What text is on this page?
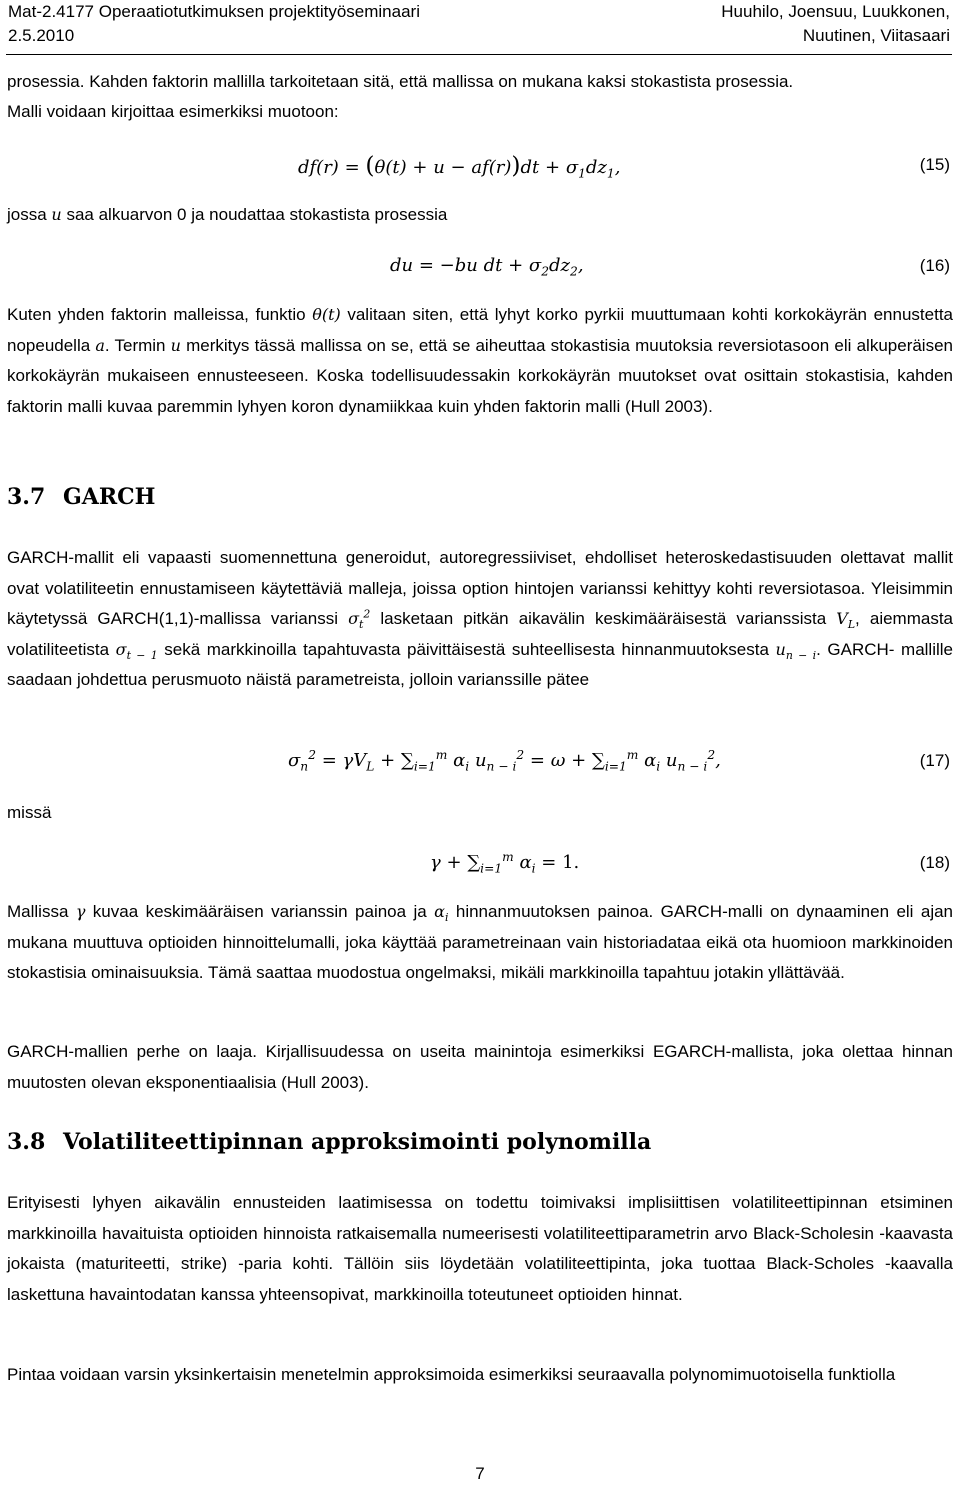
Mat-2.4177 Operaatiotutkimuksen projektityöseminaari
2.5.2010
Huuhilo, Joensuu, Luukkonen,
Nuutinen, Viitasaari
prosessia. Kahden faktorin mallilla tarkoitetaan sitä, että mallissa on mukana kaksi stokastista prosessia.
Malli voidaan kirjoittaa esimerkiksi muotoon:
$df(r) = (\theta(t) + u - af(r))dt + \sigma_1dz_1$,	(15)
jossa u saa alkuarvon 0 ja noudattaa stokastista prosessia
du = −bu dt + $\sigma_2dz_2$,	(16)
Kuten yhden faktorin malleissa, funktio θ(t) valitaan siten, että lyhyt korko pyrkii muuttumaan kohti korkokäyrän ennustetta nopeudella a. Termin u merkitys tässä mallissa on se, että se aiheuttaa stokastisia muutoksia reversiotasoon eli alkuperäisen korkokäyrän mukaiseen ennusteeseen. Koska todellisuudessakin korkokäyrän muutokset ovat osittain stokastisia, kahden faktorin malli kuvaa paremmin lyhyen koron dynamiikkaa kuin yhden faktorin malli (Hull 2003).
3.7 GARCH
GARCH-mallit eli vapaasti suomennettuna generoidut, autoregressiiviset, ehdolliset heteroskedastisuuden olettavat mallit ovat volatiliteetin ennustamiseen käytettäviä malleja, joissa option hintojen varianssi kehittyy kohti reversiotasoa. Yleisimmin käytetyssä GARCH(1,1)-mallissa varianssi $\sigma_t^2$ lasketaan pitkän aikavälin keskimääräisestä varianssista $V_L$, aiemmasta volatiliteetista $\sigma_{t - 1}$ sekä markkinoilla tapahtuvasta päivittäisestä suhteellisesta hinnanmuutoksesta $u_{n - i}$. GARCH- mallille saadaan johdettua perusmuoto näistä parametreista, jolloin varianssille pätee
$\sigma_n^2 = \gamma V_L + \sum_{i=1}^m$ $\alpha_i$ $u_{n - i}^2 = \omega + \sum_{i=1}^m$ $\alpha_i$ $u_{n - i}^2$,	(17)
missä
$\gamma + \sum_{i=1}^m$ $\alpha_i = 1$.	(18)
Mallissa γ kuvaa keskimääräisen varianssin painoa ja $\alpha_i$ hinnanmuutoksen painoa. GARCH-malli on dynaaminen eli ajan mukana muuttuva optioiden hinnoittelumalli, joka käyttää parametreinaan vain historiadataa eikä ota huomioon markkinoiden stokastisia ominaisuuksia. Tämä saattaa muodostua ongelmaksi, mikäli markkinoilla tapahtuu jotakin yllättävää.
GARCH-mallien perhe on laaja. Kirjallisuudessa on useita mainintoja esimerkiksi EGARCH-mallista, joka olettaa hinnan muutosten olevan eksponentiaalisia (Hull 2003).
3.8 Volatiliteettipinnan approksimointi polynomilla
Erityisesti lyhyen aikavälin ennusteiden laatimisessa on todettu toimivaksi implisiittisen volatiliteettipinnan etsiminen markkinoilla havaituista optioiden hinnoista ratkaisemalla numeerisesti volatiliteettiparametrin arvo Black-Scholesin -kaavasta jokaista (maturiteetti, strike) -paria kohti. Tällöin siis löydetään volatiliteettipinta, joka tuottaa Black-Scholes -kaavalla laskettuna havaintodatan kanssa yhteensopivat, markkinoilla toteutuneet optioiden hinnat.
Pintaa voidaan varsin yksinkertaisin menetelmin approksimoida esimerkiksi seuraavalla polynomimuotoisella funktiolla
7
